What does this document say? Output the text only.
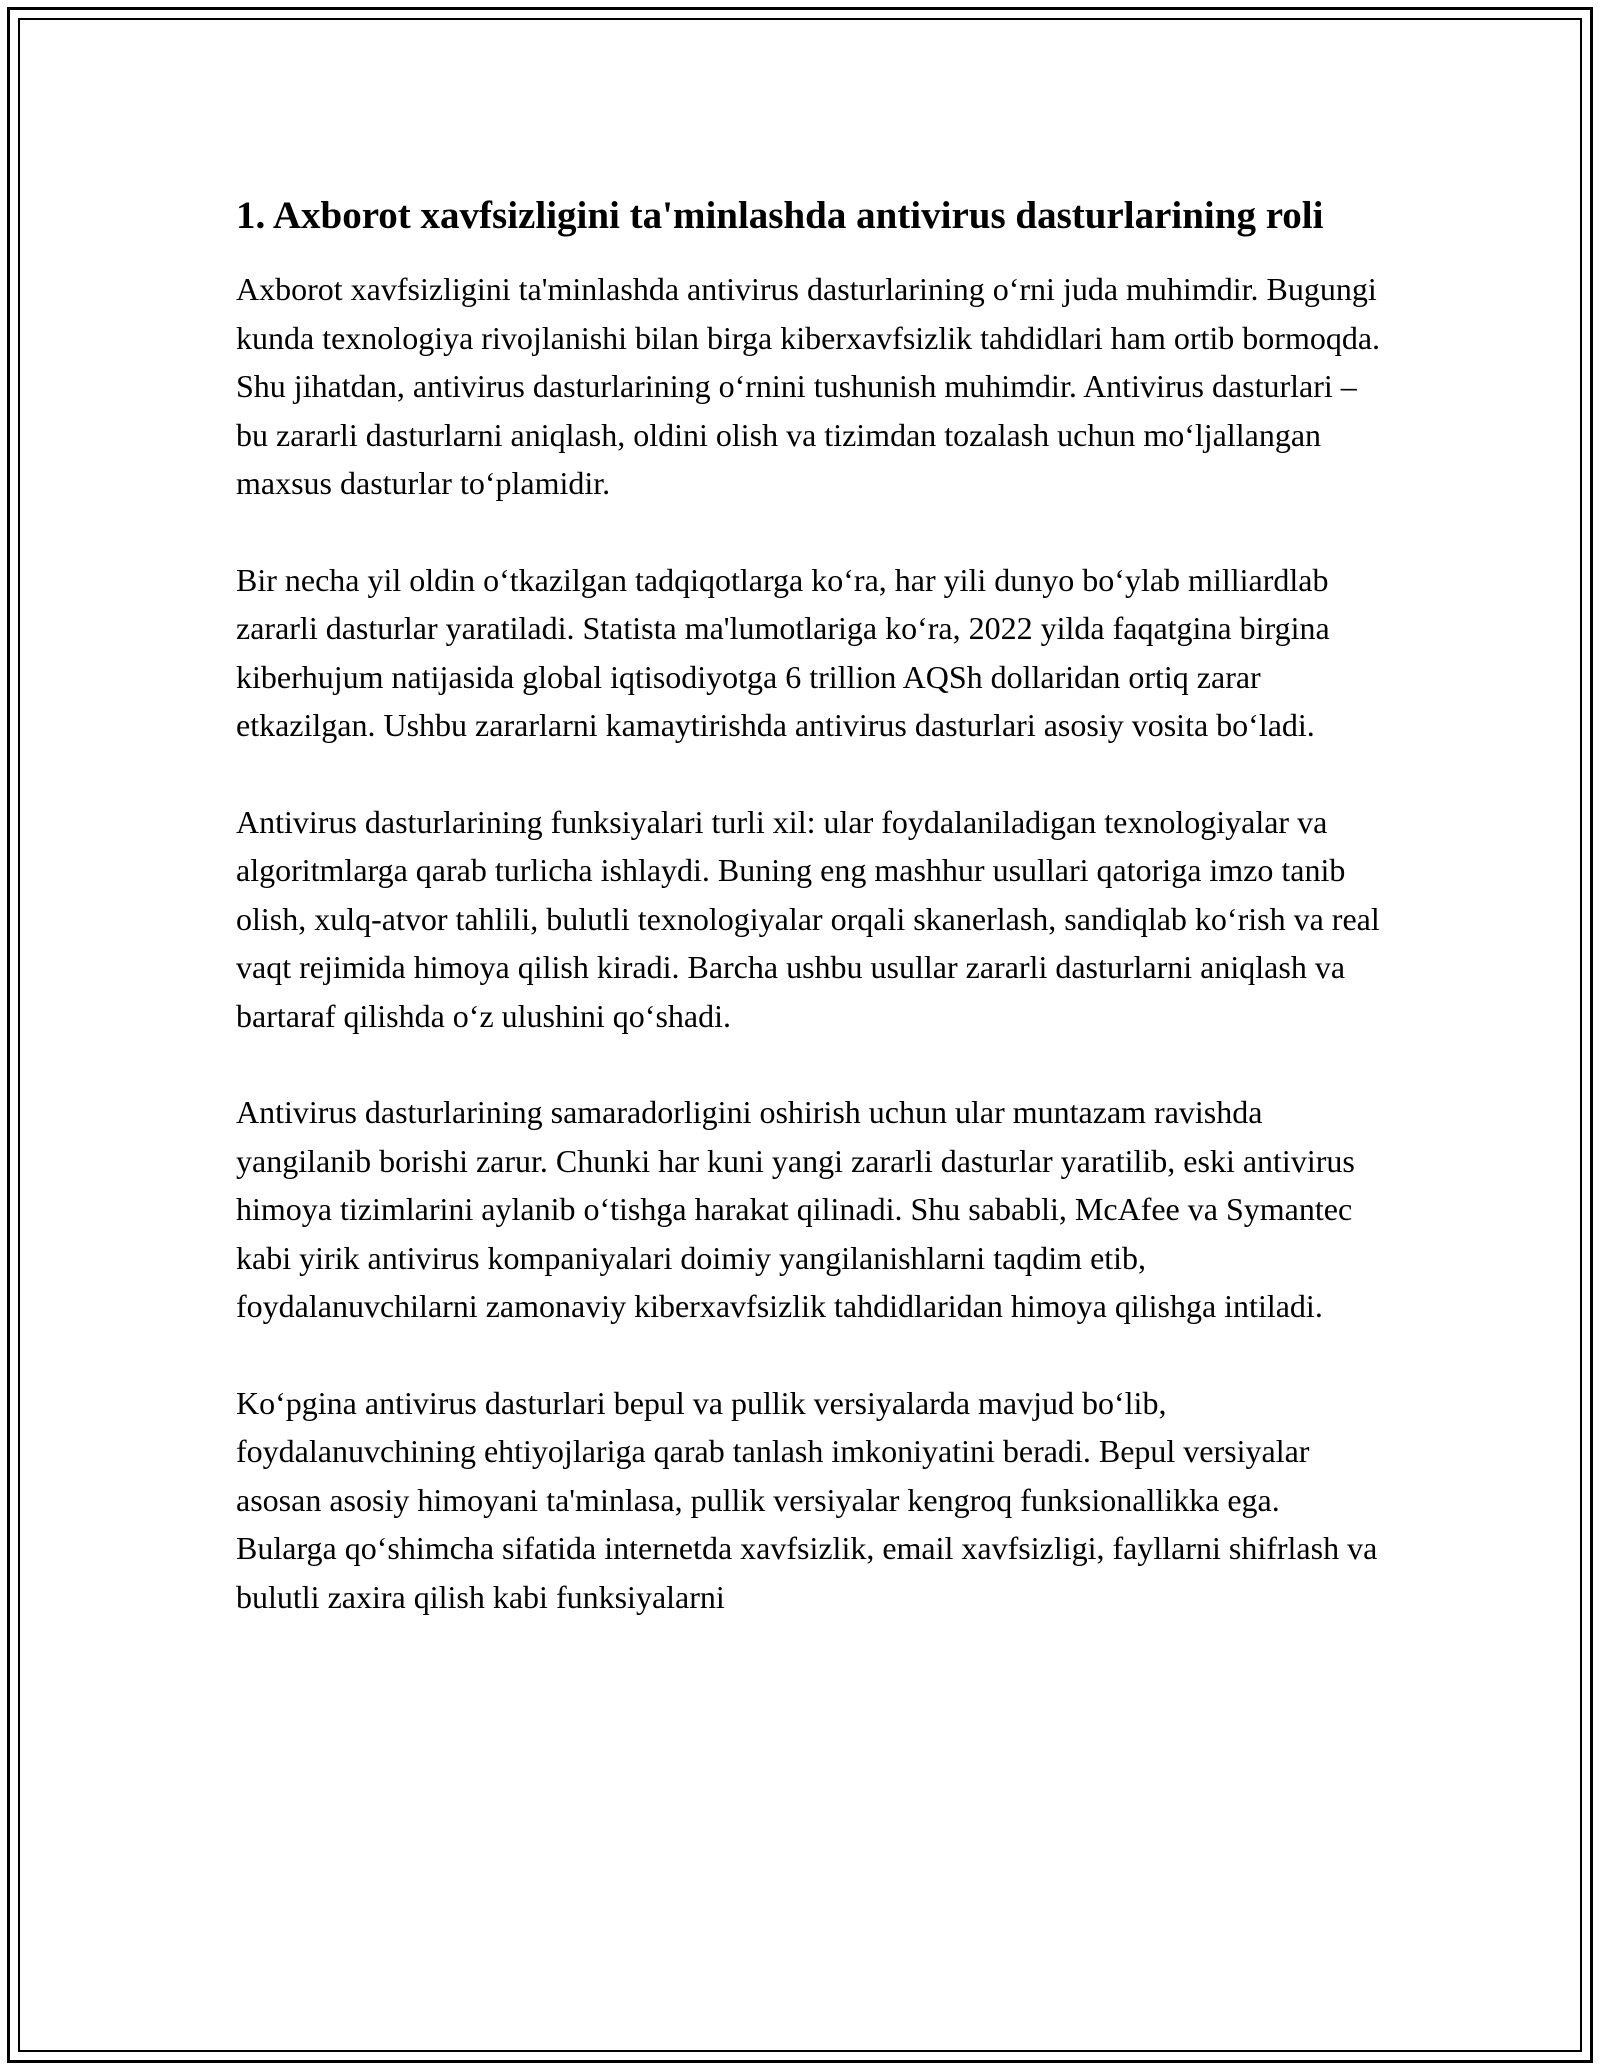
1. Axborot xavfsizligini ta'minlashda antivirus dasturlarining roli

Axborot xavfsizligini ta'minlashda antivirus dasturlarining o‘rni juda muhimdir. Bugungi kunda texnologiya rivojlanishi bilan birga kiberxavfsizlik tahdidlari ham ortib bormoqda. Shu jihatdan, antivirus dasturlarining o‘rnini tushunish muhimdir. Antivirus dasturlari – bu zararli dasturlarni aniqlash, oldini olish va tizimdan tozalash uchun mo‘ljallangan maxsus dasturlar to‘plamidir.

Bir necha yil oldin o‘tkazilgan tadqiqotlarga ko‘ra, har yili dunyo bo‘ylab milliardlab zararli dasturlar yaratiladi. Statista ma'lumotlariga ko‘ra, 2022 yilda faqatgina birgina kiberhujum natijasida global iqtisodiyotga 6 trillion AQSh dollaridan ortiq zarar etkazilgan. Ushbu zararlarni kamaytirishda antivirus dasturlari asosiy vosita bo‘ladi.

Antivirus dasturlarining funksiyalari turli xil: ular foydalaniladigan texnologiyalar va algoritmlarga qarab turlicha ishlaydi. Buning eng mashhur usullari qatoriga imzo tanib olish, xulq-atvor tahlili, bulutli texnologiyalar orqali skanerlash, sandiqlab ko‘rish va real vaqt rejimida himoya qilish kiradi. Barcha ushbu usullar zararli dasturlarni aniqlash va bartaraf qilishda o‘z ulushini qo‘shadi.

Antivirus dasturlarining samaradorligini oshirish uchun ular muntazam ravishda yangilanib borishi zarur. Chunki har kuni yangi zararli dasturlar yaratilib, eski antivirus himoya tizimlarini aylanib o‘tishga harakat qilinadi. Shu sababli, McAfee va Symantec kabi yirik antivirus kompaniyalari doimiy yangilanishlarni taqdim etib, foydalanuvchilarni zamonaviy kiberxavfsizlik tahdidlaridan himoya qilishga intiladi.

Ko‘pgina antivirus dasturlari bepul va pullik versiyalarda mavjud bo‘lib, foydalanuvchining ehtiyojlariga qarab tanlash imkoniyatini beradi. Bepul versiyalar asosan asosiy himoyani ta'minlasa, pullik versiyalar kengroq funksionallikka ega. Bularga qo‘shimcha sifatida internetda xavfsizlik, email xavfsizligi, fayllarni shifrlash va bulutli zaxira qilish kabi funksiyalarni
